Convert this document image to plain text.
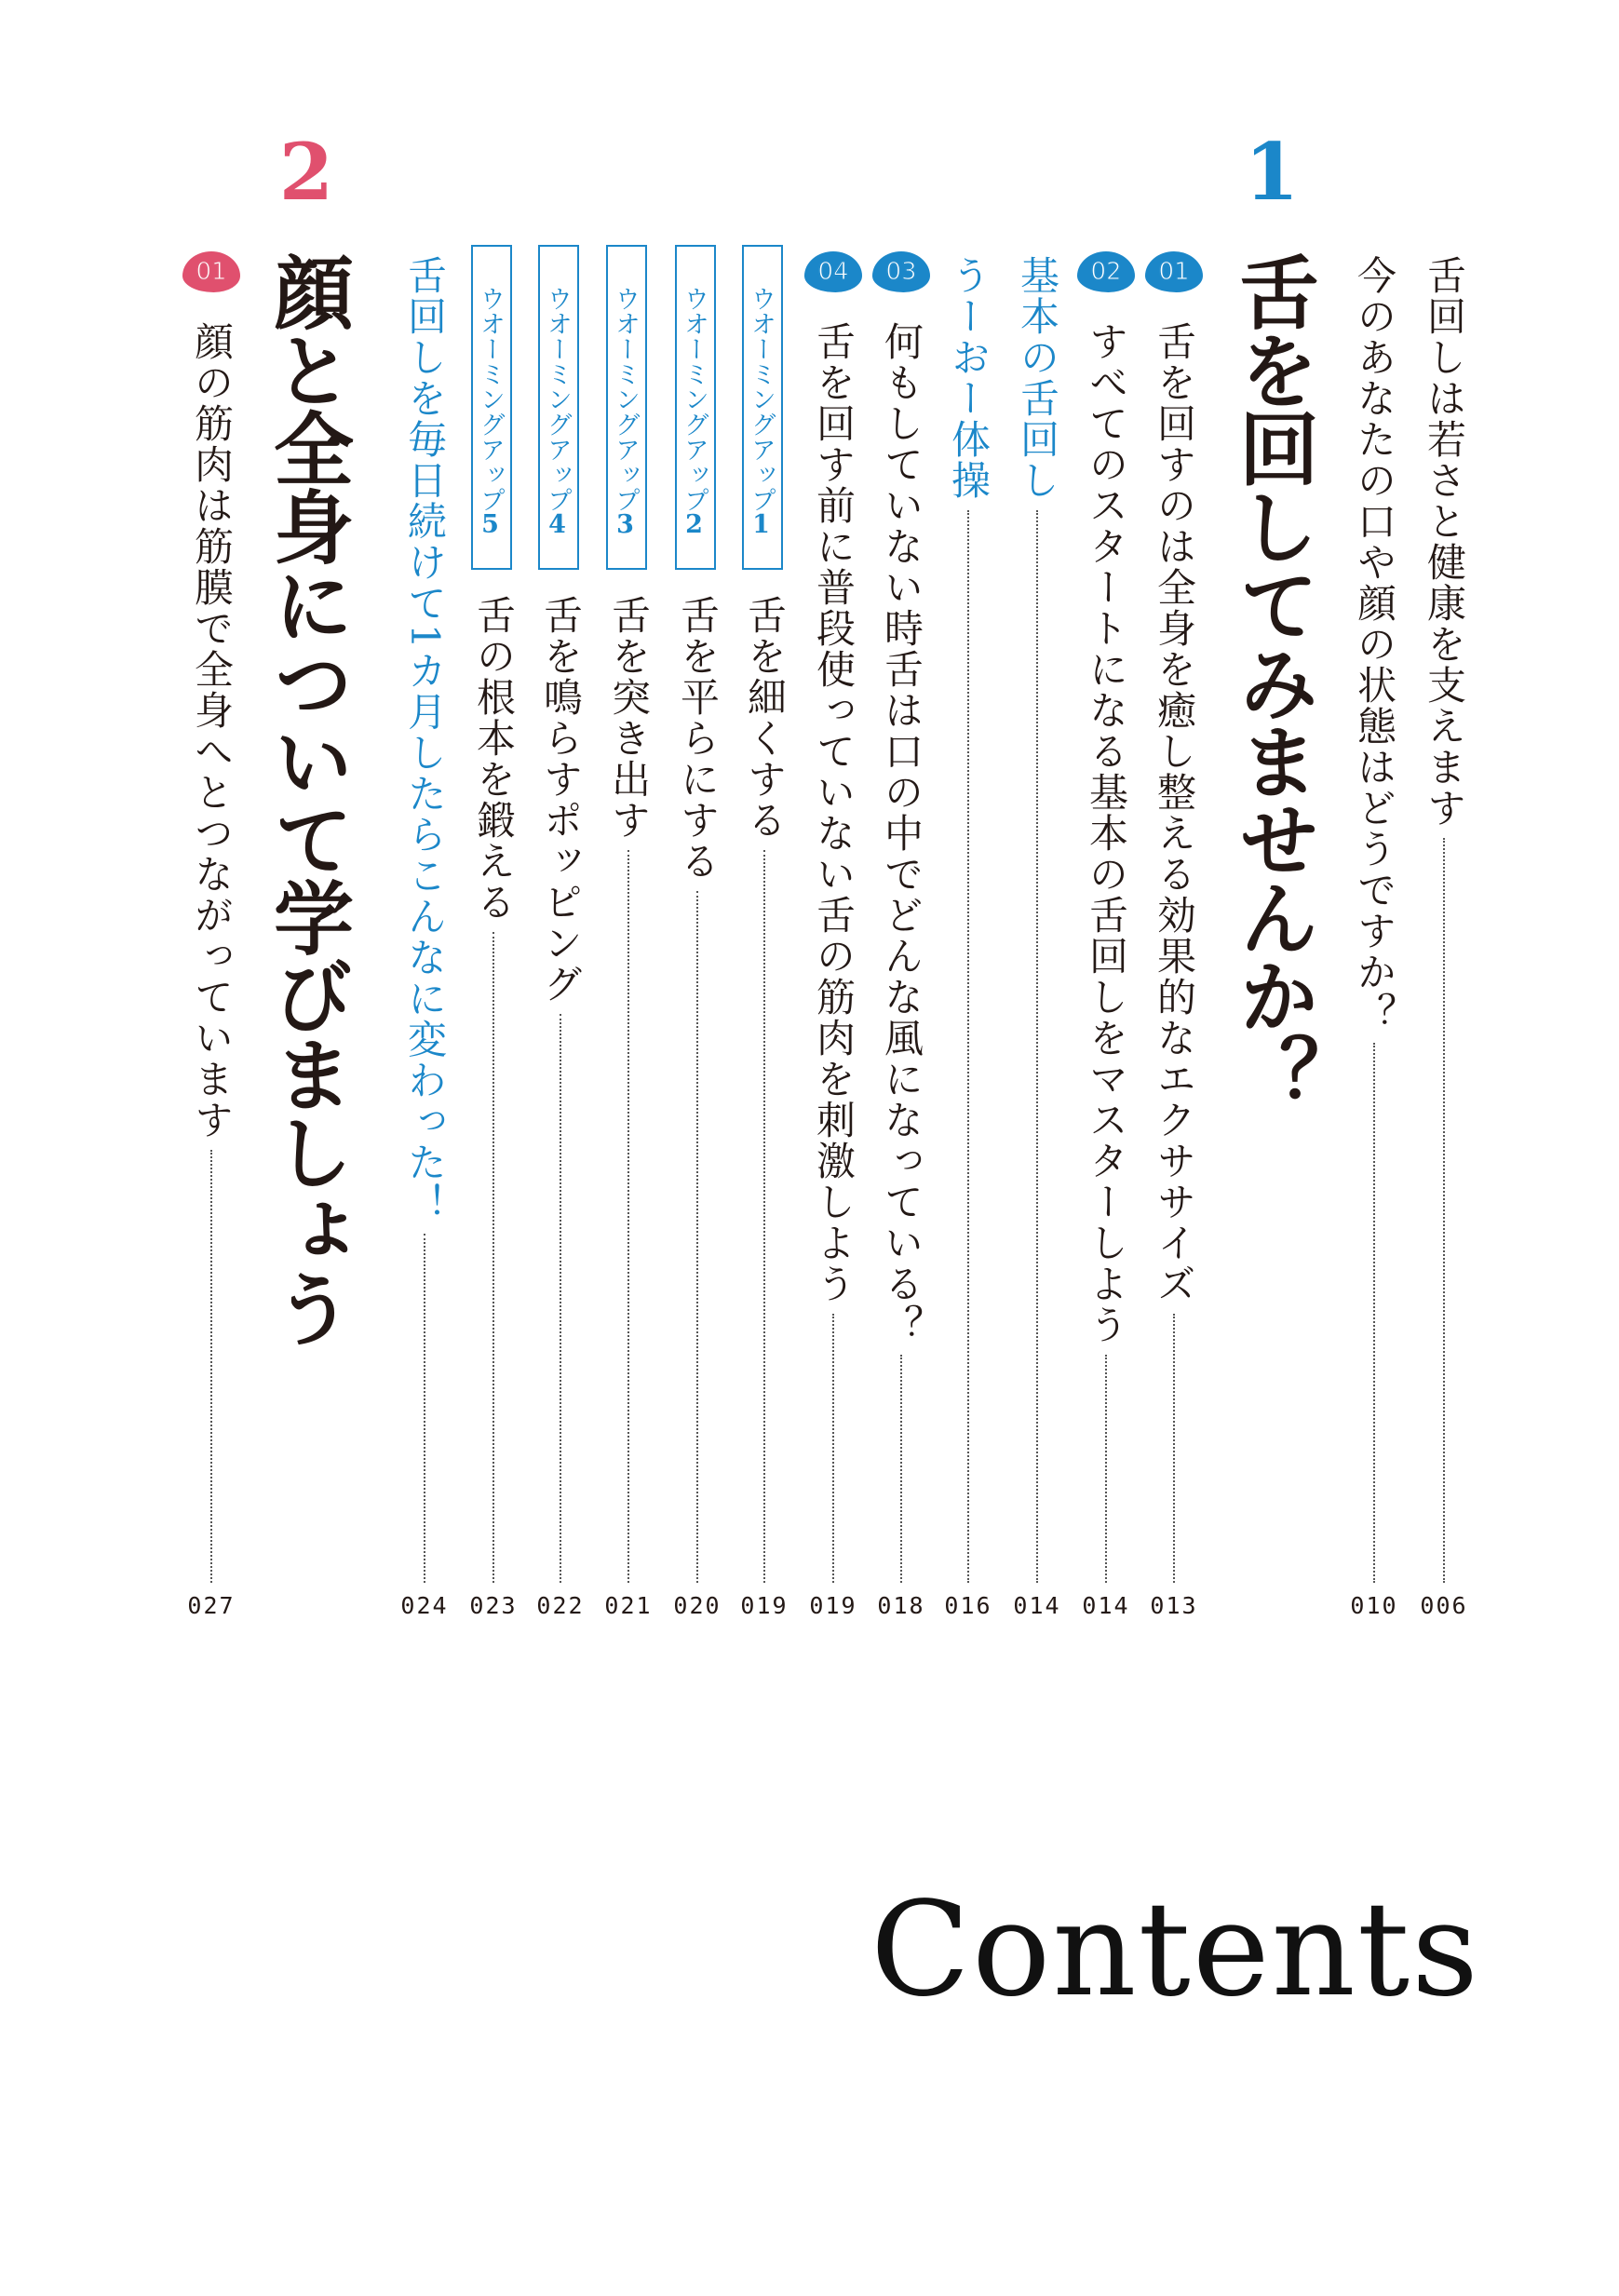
舌回しは若さと健康を支えます
006
今のあなたの口や顔の状態はどうですか？
010
1
舌を回してみませんか？
01
舌を回すのは全身を癒し整える効果的なエクササイズ
013
02
すべてのスタートになる基本の舌回しをマスターしよう
014
基本の舌回し
014
うーおー体操
016
03
何もしていない時舌は口の中でどんな風になっている？
018
04
舌を回す前に普段使っていない舌の筋肉を刺激しよう
019
ウオーミングアップ1
舌を細くする
019
ウオーミングアップ2
舌を平らにする
020
ウオーミングアップ3
舌を突き出す
021
ウオーミングアップ4
舌を鳴らすポッピング
022
ウオーミングアップ5
舌の根本を鍛える
023
舌回しを毎日続けて1カ月したらこんなに変わった！
024
2
顔と全身について学びましょう
01
顔の筋肉は筋膜で全身へとつながっています
027
Contents
